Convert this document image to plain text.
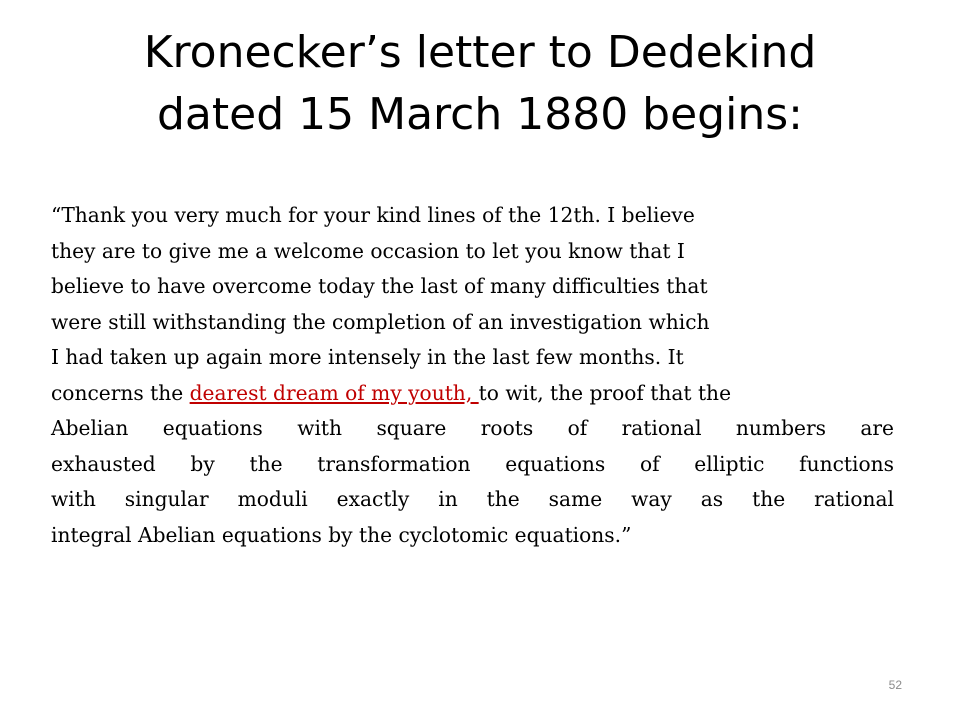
Kronecker’s letter to Dedekind
dated 15 March 1880 begins:
“Thank you very much for your kind lines of the 12th. I believe
they are to give me a welcome occasion to let you know that I
believe to have overcome today the last of many difficulties that
were still withstanding the completion of an investigation which
I had taken up again more intensely in the last few months. It
concerns the dearest dream of my youth, to wit, the proof that the
Abelian equations with square roots of rational numbers are
exhausted by the transformation equations of elliptic functions
with singular moduli exactly in the same way as the rational
integral Abelian equations by the cyclotomic equations.”
52
